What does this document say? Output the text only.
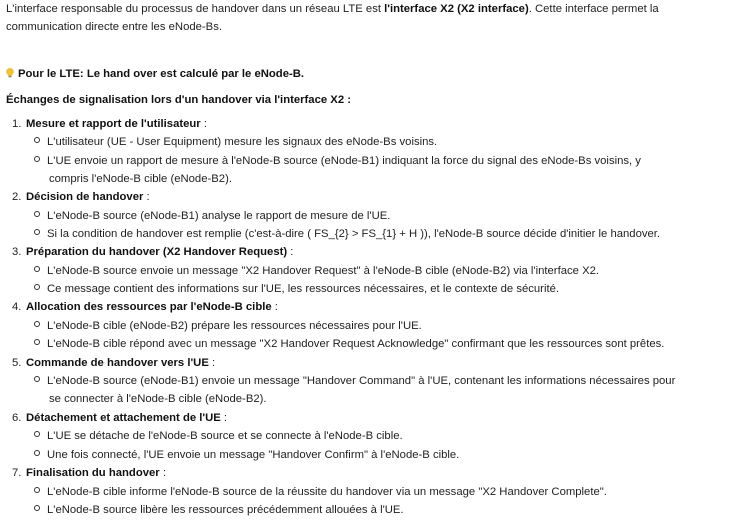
L'interface responsable du processus de handover dans un réseau LTE est l'interface X2 (X2 interface). Cette interface permet la
communication directe entre les eNode-Bs.
Pour le LTE: Le hand over est calculé par le eNode-B.
Échanges de signalisation lors d'un handover via l'interface X2 :
1. Mesure et rapport de l'utilisateur :
L'utilisateur (UE - User Equipment) mesure les signaux des eNode-Bs voisins.
L'UE envoie un rapport de mesure à l'eNode-B source (eNode-B1) indiquant la force du signal des eNode-Bs voisins, y
compris l'eNode-B cible (eNode-B2).
2. Décision de handover :
L'eNode-B source (eNode-B1) analyse le rapport de mesure de l'UE.
Si la condition de handover est remplie (c'est-à-dire ( FS_{2} > FS_{1} + H )), l'eNode-B source décide d'initier le handover.
3. Préparation du handover (X2 Handover Request) :
L'eNode-B source envoie un message "X2 Handover Request" à l'eNode-B cible (eNode-B2) via l'interface X2.
Ce message contient des informations sur l'UE, les ressources nécessaires, et le contexte de sécurité.
4. Allocation des ressources par l'eNode-B cible :
L'eNode-B cible (eNode-B2) prépare les ressources nécessaires pour l'UE.
L'eNode-B cible répond avec un message "X2 Handover Request Acknowledge" confirmant que les ressources sont prêtes.
5. Commande de handover vers l'UE :
L'eNode-B source (eNode-B1) envoie un message "Handover Command" à l'UE, contenant les informations nécessaires pour
se connecter à l'eNode-B cible (eNode-B2).
6. Détachement et attachement de l'UE :
L'UE se détache de l'eNode-B source et se connecte à l'eNode-B cible.
Une fois connecté, l'UE envoie un message "Handover Confirm" à l'eNode-B cible.
7. Finalisation du handover :
L'eNode-B cible informe l'eNode-B source de la réussite du handover via un message "X2 Handover Complete".
L'eNode-B source libère les ressources précédemment allouées à l'UE.
